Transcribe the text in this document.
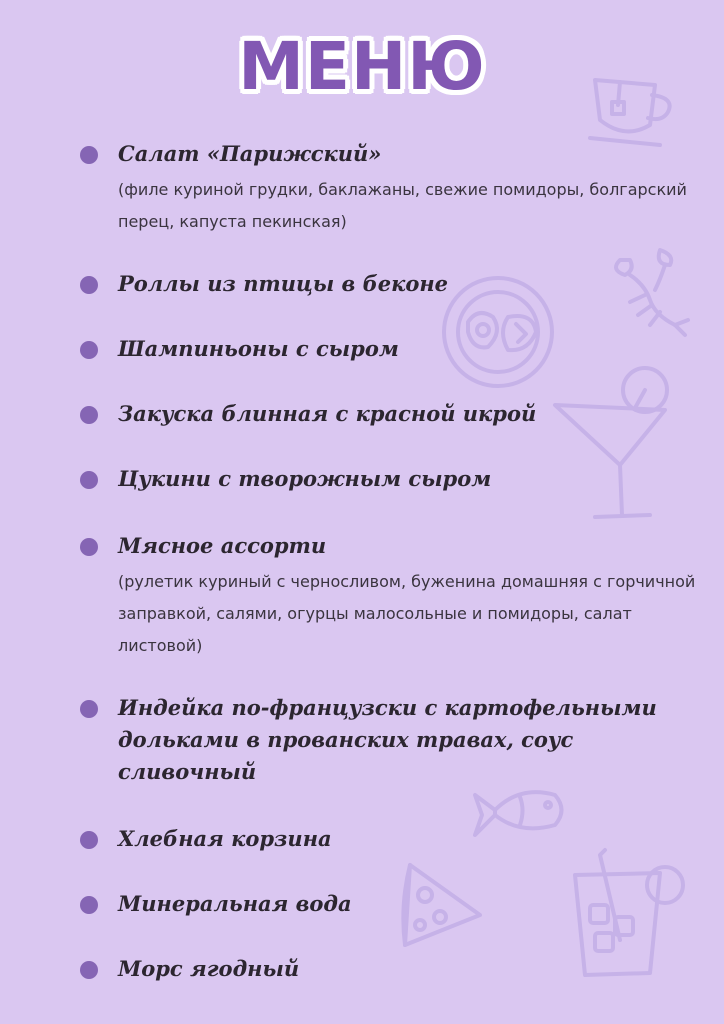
МЕНЮ
Салат «Парижский»
(филе куриной грудки, баклажаны, свежие помидоры, болгарский перец, капуста пекинская)
Роллы из птицы в беконе
Шампиньоны с сыром
Закуска блинная с красной икрой
Цукини с творожным сыром
Мясное ассорти
(рулетик куриный с черносливом, буженина домашняя с горчичной заправкой, салями, огурцы малосольные и помидоры, салат листовой)
Индейка по-французски с картофельными дольками в прованских травах, соус сливочный
Хлебная корзина
Минеральная вода
Морс ягодный
